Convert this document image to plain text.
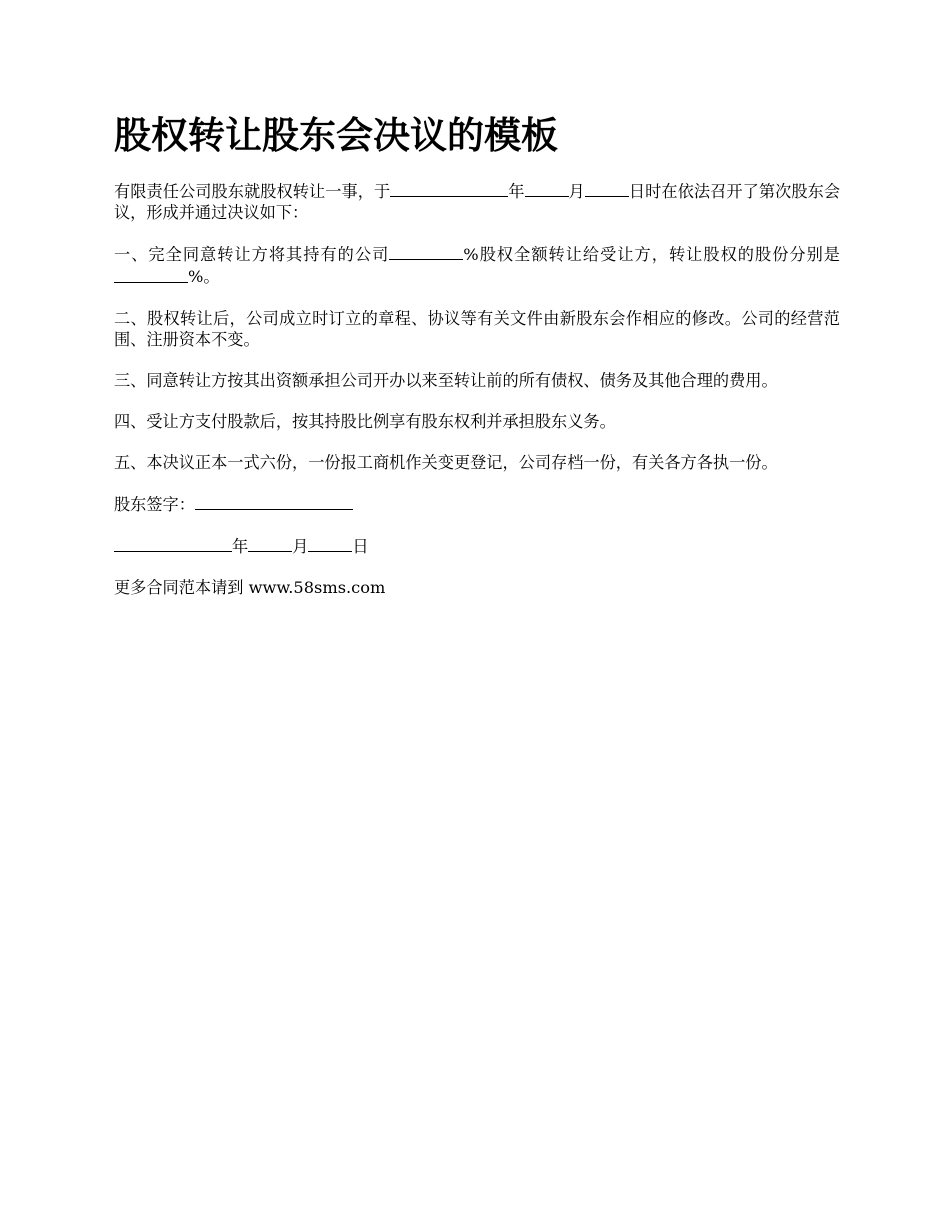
股权转让股东会决议的模板

有限责任公司股东就股权转让一事，于	年	月	日时在依法召开了第次股东会议，形成并通过决议如下：

一、完全同意转让方将其持有的公司	%股权全额转让给受让方，转让股权的股份分别是%。

二、股权转让后，公司成立时订立的章程、协议等有关文件由新股东会作相应的修改。公司的经营范围、注册资本不变。

三、同意转让方按其出资额承担公司开办以来至转让前的所有债权、债务及其他合理的费用。

四、受让方支付股款后，按其持股比例享有股东权利并承担股东义务。

五、本决议正本一式六份，一份报工商机作关变更登记，公司存档一份，有关各方各执一份。

股东签字：

年	月	日

更多合同范本请到 www.58sms.com
